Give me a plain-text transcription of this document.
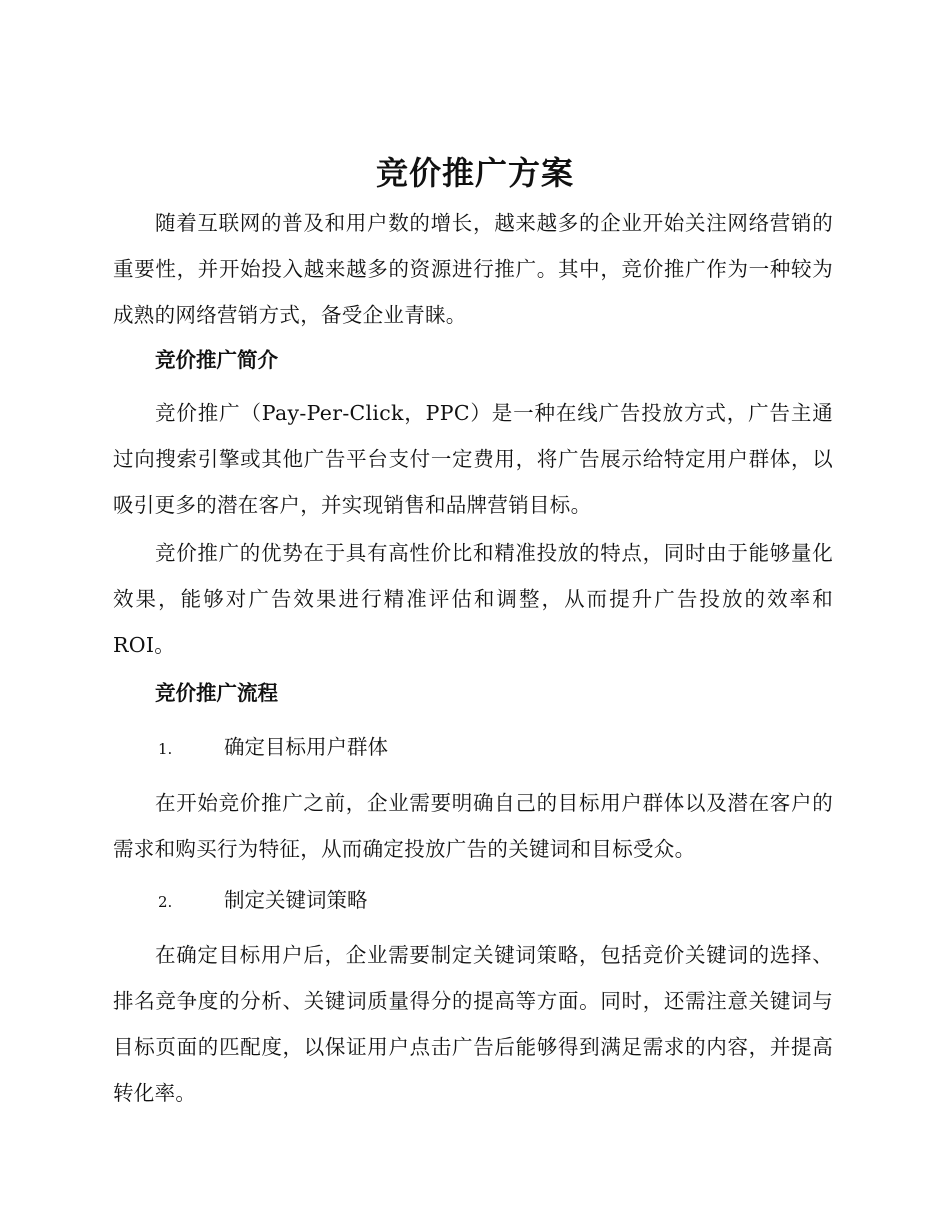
竞价推广方案

随着互联网的普及和用户数的增长，越来越多的企业开始关注网络营销的重要性，并开始投入越来越多的资源进行推广。其中，竞价推广作为一种较为成熟的网络营销方式，备受企业青睐。

竞价推广简介

竞价推广（Pay-Per-Click，PPC）是一种在线广告投放方式，广告主通过向搜索引擎或其他广告平台支付一定费用，将广告展示给特定用户群体，以吸引更多的潜在客户，并实现销售和品牌营销目标。

竞价推广的优势在于具有高性价比和精准投放的特点，同时由于能够量化效果，能够对广告效果进行精准评估和调整，从而提升广告投放的效率和ROI。

竞价推广流程
1.	确定目标用户群体

在开始竞价推广之前，企业需要明确自己的目标用户群体以及潜在客户的需求和购买行为特征，从而确定投放广告的关键词和目标受众。

2.	制定关键词策略

在确定目标用户后，企业需要制定关键词策略，包括竞价关键词的选择、排名竞争度的分析、关键词质量得分的提高等方面。同时，还需注意关键词与目标页面的匹配度，以保证用户点击广告后能够得到满足需求的内容，并提高转化率。
